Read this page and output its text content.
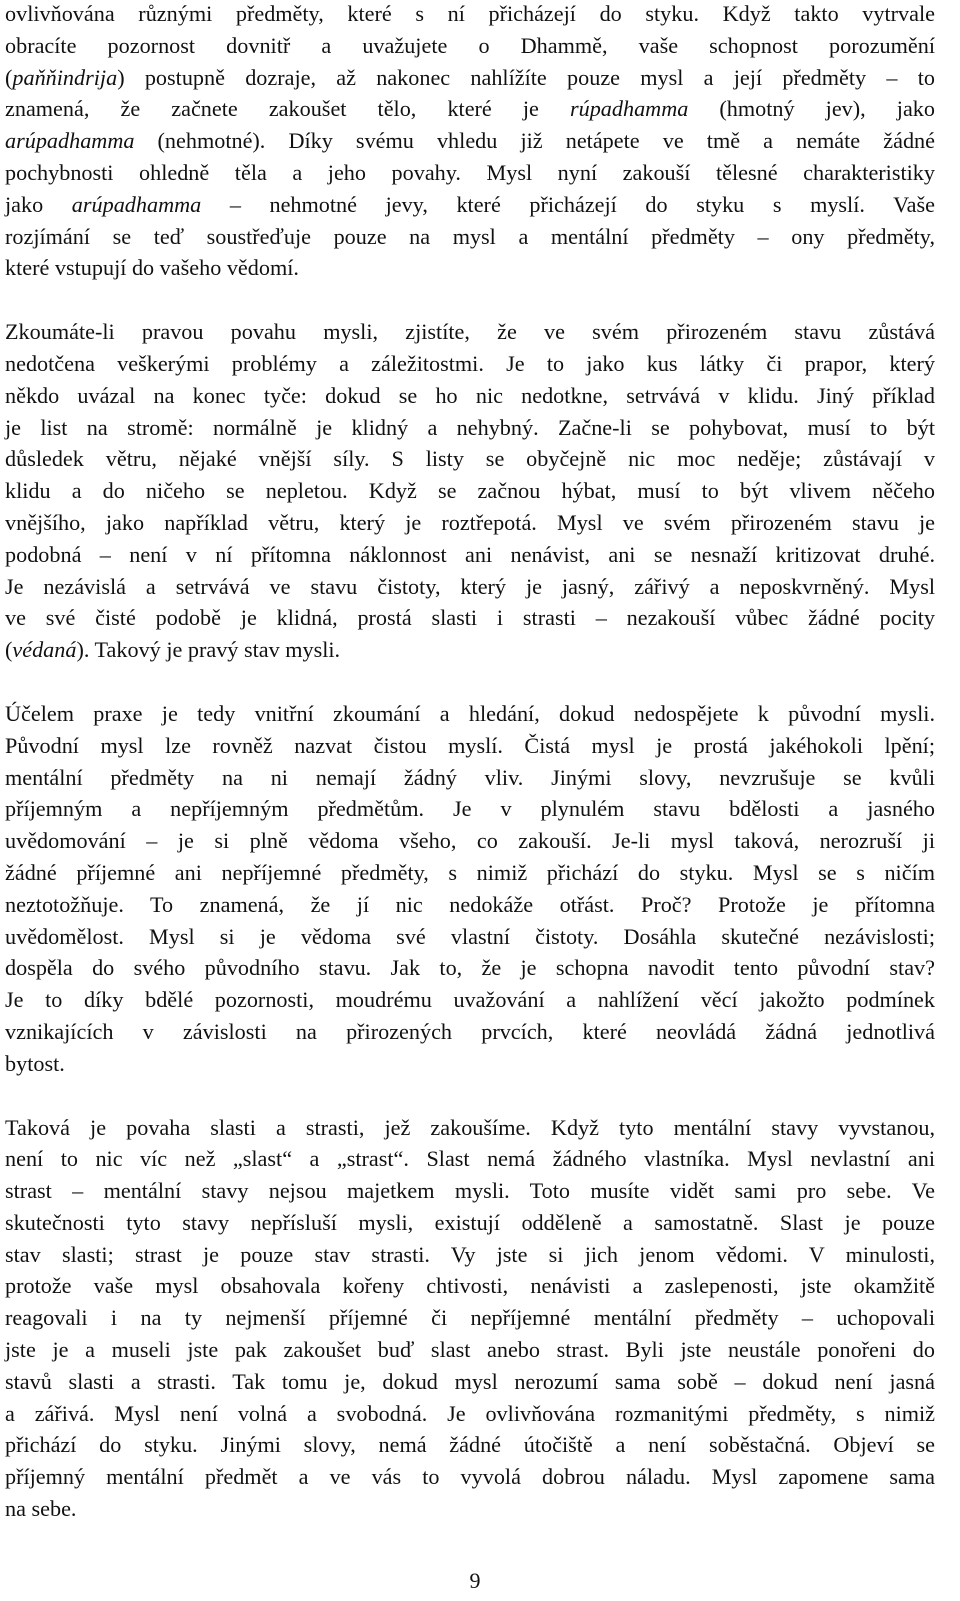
ovlivňována různými předměty, které s ní přicházejí do styku. Když takto vytrvale
obracíte pozornost dovnitř a uvažujete o Dhammě, vaše schopnost porozumění
(paňňindrija) postupně dozraje, až nakonec nahlížíte pouze mysl a její předměty – to
znamená, že začnete zakoušet tělo, které je rúpadhamma (hmotný jev), jako
arúpadhamma (nehmotné). Díky svému vhledu již netápete ve tmě a nemáte žádné
pochybnosti ohledně těla a jeho povahy. Mysl nyní zakouší tělesné charakteristiky
jako arúpadhamma – nehmotné jevy, které přicházejí do styku s myslí. Vaše
rozjímání se teď soustřeďuje pouze na mysl a mentální předměty – ony předměty,
které vstupují do vašeho vědomí.

Zkoumáte-li pravou povahu mysli, zjistíte, že ve svém přirozeném stavu zůstává
nedotčena veškerými problémy a záležitostmi. Je to jako kus látky či prapor, který
někdo uvázal na konec tyče: dokud se ho nic nedotkne, setrvává v klidu. Jiný příklad
je list na stromě: normálně je klidný a nehybný. Začne-li se pohybovat, musí to být
důsledek větru, nějaké vnější síly. S listy se obyčejně nic moc neděje; zůstávají v
klidu a do ničeho se nepletou. Když se začnou hýbat, musí to být vlivem něčeho
vnějšího, jako například větru, který je roztřepotá. Mysl ve svém přirozeném stavu je
podobná – není v ní přítomna náklonnost ani nenávist, ani se nesnaží kritizovat druhé.
Je nezávislá a setrvává ve stavu čistoty, který je jasný, zářivý a neposkvrněný. Mysl
ve své čisté podobě je klidná, prostá slasti i strasti – nezakouší vůbec žádné pocity
(védaná). Takový je pravý stav mysli.

Účelem praxe je tedy vnitřní zkoumání a hledání, dokud nedospějete k původní mysli.
Původní mysl lze rovněž nazvat čistou myslí. Čistá mysl je prostá jakéhokoli lpění;
mentální předměty na ni nemají žádný vliv. Jinými slovy, nevzrušuje se kvůli
příjemným a nepříjemným předmětům. Je v plynulém stavu bdělosti a jasného
uvědomování – je si plně vědoma všeho, co zakouší. Je-li mysl taková, nerozruší ji
žádné příjemné ani nepříjemné předměty, s nimiž přichází do styku. Mysl se s ničím
neztotožňuje. To znamená, že jí nic nedokáže otřást. Proč? Protože je přítomna
uvědomělost. Mysl si je vědoma své vlastní čistoty. Dosáhla skutečné nezávislosti;
dospěla do svého původního stavu. Jak to, že je schopna navodit tento původní stav?
Je to díky bdělé pozornosti, moudrému uvažování a nahlížení věcí jakožto podmínek
vznikajících v závislosti na přirozených prvcích, které neovládá žádná jednotlivá
bytost.

Taková je povaha slasti a strasti, jež zakoušíme. Když tyto mentální stavy vyvstanou,
není to nic víc než „slast“ a „strast“. Slast nemá žádného vlastníka. Mysl nevlastní ani
strast – mentální stavy nejsou majetkem mysli. Toto musíte vidět sami pro sebe. Ve
skutečnosti tyto stavy nepřísluší mysli, existují odděleně a samostatně. Slast je pouze
stav slasti; strast je pouze stav strasti. Vy jste si jich jenom vědomi. V minulosti,
protože vaše mysl obsahovala kořeny chtivosti, nenávisti a zaslepenosti, jste okamžitě
reagovali i na ty nejmenší příjemné či nepříjemné mentální předměty – uchopovali
jste je a museli jste pak zakoušet buď slast anebo strast. Byli jste neustále ponořeni do
stavů slasti a strasti. Tak tomu je, dokud mysl nerozumí sama sobě – dokud není jasná
a zářivá. Mysl není volná a svobodná. Je ovlivňována rozmanitými předměty, s nimiž
přichází do styku. Jinými slovy, nemá žádné útočiště a není soběstačná. Objeví se
příjemný mentální předmět a ve vás to vyvolá dobrou náladu. Mysl zapomene sama
na sebe.

9
